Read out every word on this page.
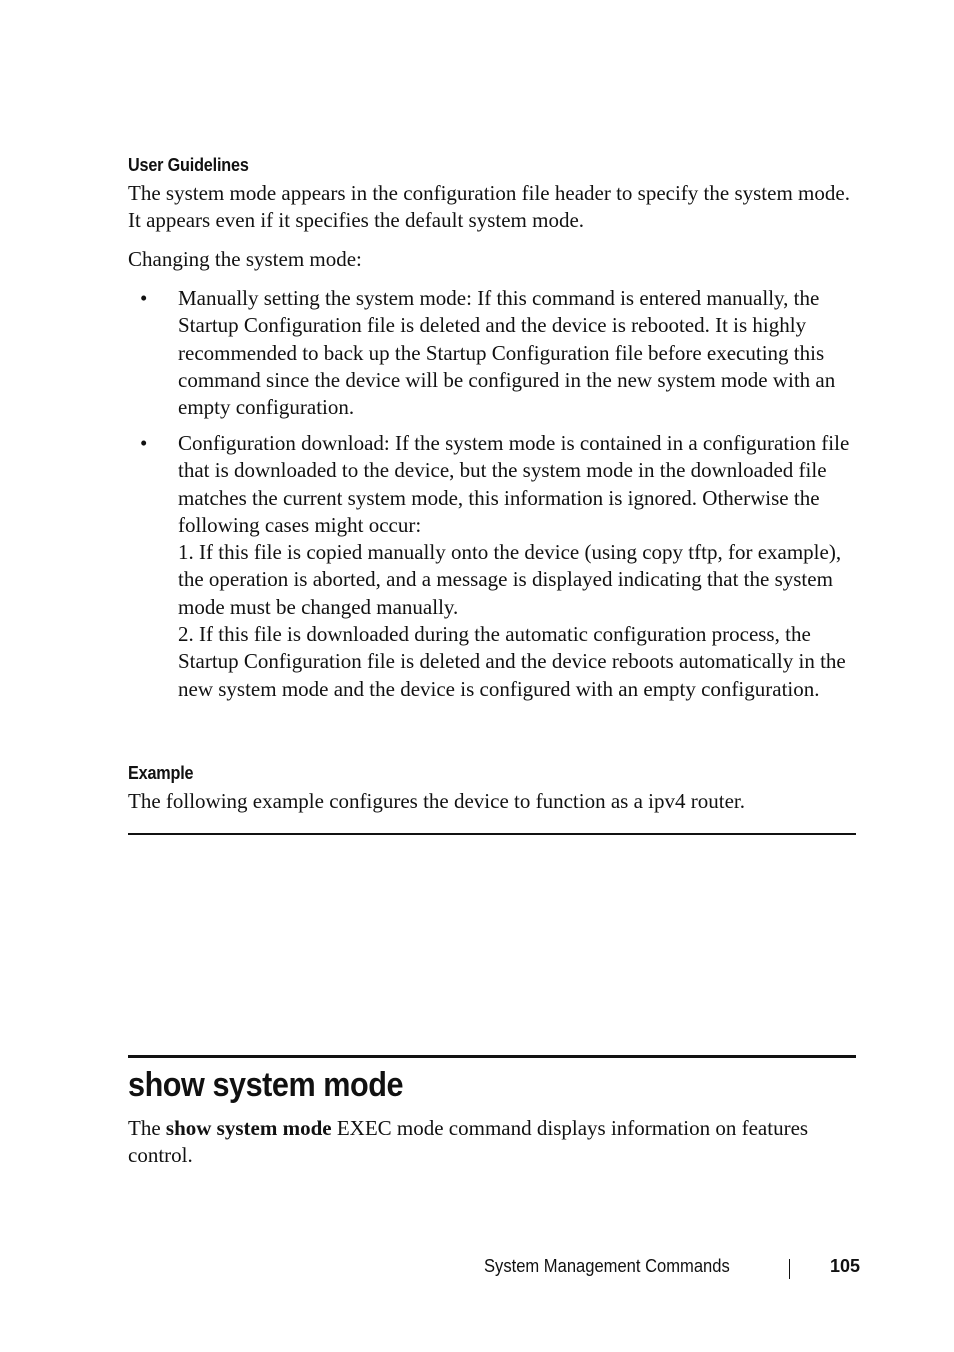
User Guidelines

The system mode appears in the configuration file header to specify the system mode. It appears even if it specifies the default system mode.

Changing the system mode:

• Manually setting the system mode: If this command is entered manually, the Startup Configuration file is deleted and the device is rebooted. It is highly recommended to back up the Startup Configuration file before executing this command since the device will be configured in the new system mode with an empty configuration.

• Configuration download: If the system mode is contained in a configuration file that is downloaded to the device, but the system mode in the downloaded file matches the current system mode, this information is ignored. Otherwise the following cases might occur:
1. If this file is copied manually onto the device (using copy tftp, for example), the operation is aborted, and a message is displayed indicating that the system mode must be changed manually.
2. If this file is downloaded during the automatic configuration process, the Startup Configuration file is deleted and the device reboots automatically in the new system mode and the device is configured with an empty configuration.
Example

The following example configures the device to function as a ipv4 router.

show system mode

The show system mode EXEC mode command displays information on features control.

System Management Commands	105
